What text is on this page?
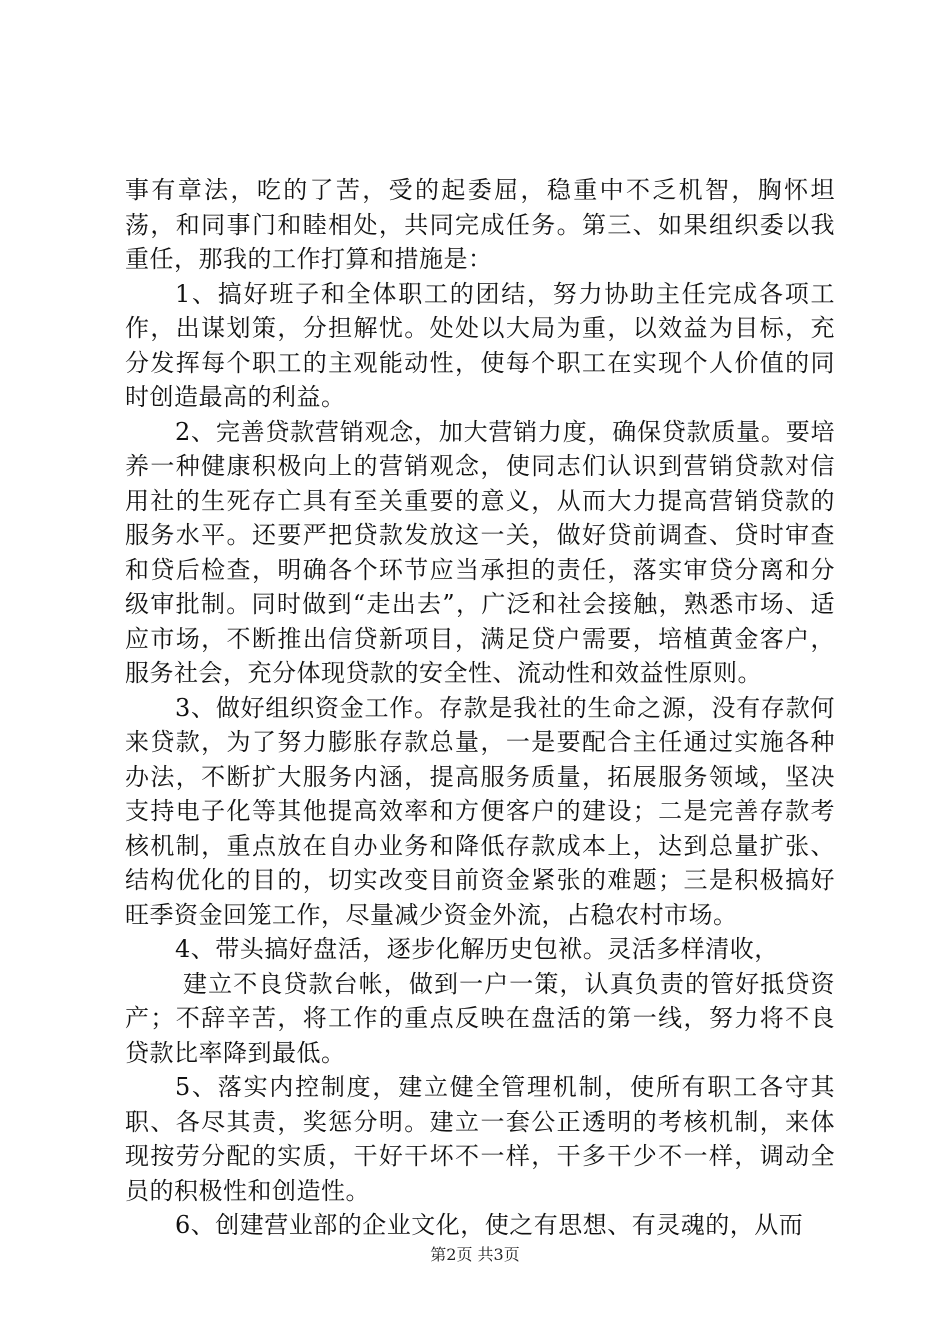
事有章法，吃的了苦，受的起委屈，稳重中不乏机智，胸怀坦荡，和同事门和睦相处，共同完成任务。第三、如果组织委以我重任，那我的工作打算和措施是：

1、搞好班子和全体职工的团结，努力协助主任完成各项工作，出谋划策，分担解忧。处处以大局为重，以效益为目标，充分发挥每个职工的主观能动性，使每个职工在实现个人价值的同时创造最高的利益。

2、完善贷款营销观念，加大营销力度，确保贷款质量。要培养一种健康积极向上的营销观念，使同志们认识到营销贷款对信用社的生死存亡具有至关重要的意义，从而大力提高营销贷款的服务水平。还要严把贷款发放这一关，做好贷前调查、贷时审查和贷后检查，明确各个环节应当承担的责任，落实审贷分离和分级审批制。同时做到“走出去”，广泛和社会接触，熟悉市场、适应市场，不断推出信贷新项目，满足贷户需要，培植黄金客户，服务社会，充分体现贷款的安全性、流动性和效益性原则。

3、做好组织资金工作。存款是我社的生命之源，没有存款何来贷款，为了努力膨胀存款总量，一是要配合主任通过实施各种办法，不断扩大服务内涵，提高服务质量，拓展服务领域，坚决支持电子化等其他提高效率和方便客户的建设；二是完善存款考核机制，重点放在自办业务和降低存款成本上，达到总量扩张、结构优化的目的，切实改变目前资金紧张的难题；三是积极搞好旺季资金回笼工作，尽量减少资金外流，占稳农村市场。

4、带头搞好盘活，逐步化解历史包袱。灵活多样清收，

建立不良贷款台帐，做到一户一策，认真负责的管好抵贷资产；不辞辛苦，将工作的重点反映在盘活的第一线，努力将不良贷款比率降到最低。

5、落实内控制度，建立健全管理机制，使所有职工各守其职、各尽其责，奖惩分明。建立一套公正透明的考核机制，来体现按劳分配的实质，干好干坏不一样，干多干少不一样，调动全员的积极性和创造性。

6、创建营业部的企业文化，使之有思想、有灵魂的，从而

第2页 共3页
